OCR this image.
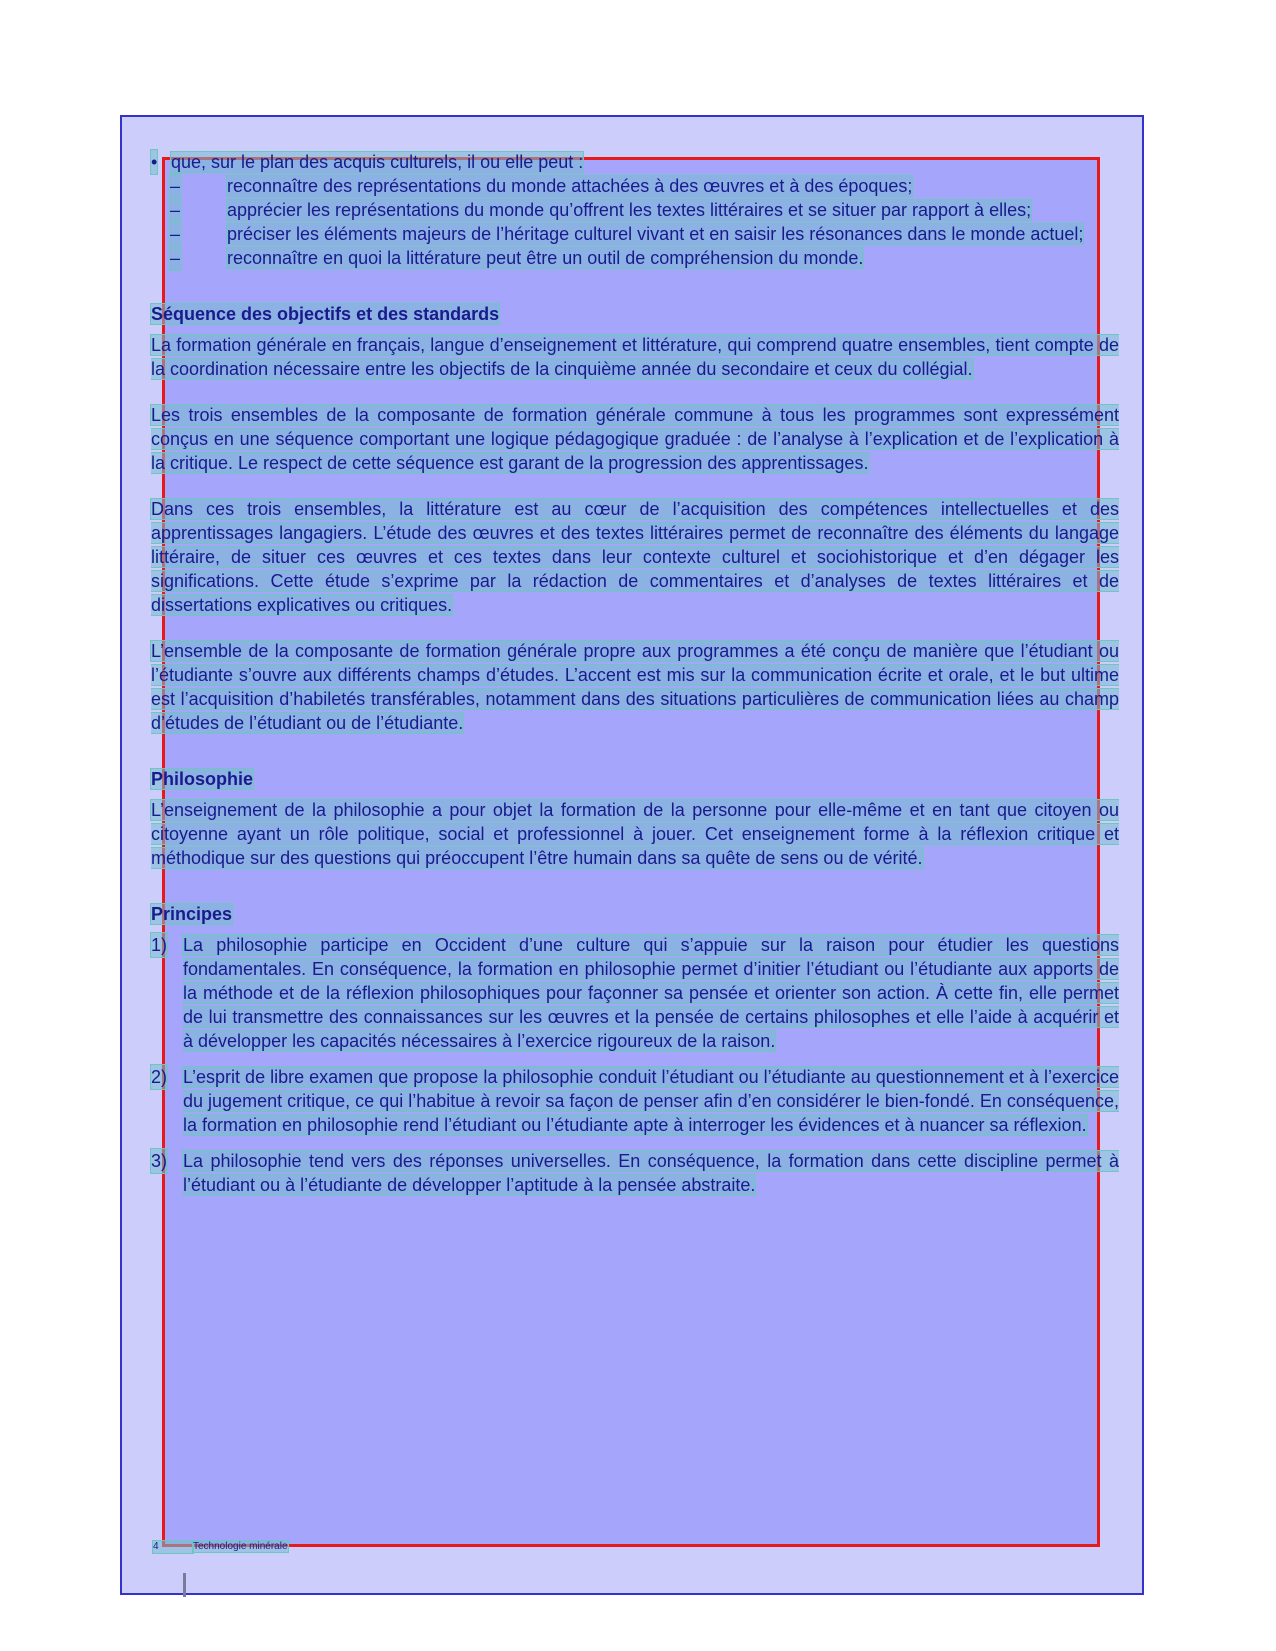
• que, sur le plan des acquis culturels, il ou elle peut :
–	reconnaître des représentations du monde attachées à des œuvres et à des époques;
–	apprécier les représentations du monde qu’offrent les textes littéraires et se situer par rapport à elles;
–	préciser les éléments majeurs de l’héritage culturel vivant et en saisir les résonances dans le monde actuel;
–	reconnaître en quoi la littérature peut être un outil de compréhension du monde.
Séquence des objectifs et des standards

La formation générale en français, langue d’enseignement et littérature, qui comprend quatre ensembles, tient compte de la coordination nécessaire entre les objectifs de la cinquième année du secondaire et ceux du collégial.

Les trois ensembles de la composante de formation générale commune à tous les programmes sont expressément conçus en une séquence comportant une logique pédagogique graduée : de l’analyse à l’explication et de l’explication à la critique. Le respect de cette séquence est garant de la progression des apprentissages.

Dans ces trois ensembles, la littérature est au cœur de l’acquisition des compétences intellectuelles et des apprentissages langagiers. L’étude des œuvres et des textes littéraires permet de reconnaître des éléments du langage littéraire, de situer ces œuvres et ces textes dans leur contexte culturel et sociohistorique et d’en dégager les significations. Cette étude s’exprime par la rédaction de commentaires et d’analyses de textes littéraires et de dissertations explicatives ou critiques.

L’ensemble de la composante de formation générale propre aux programmes a été conçu de manière que l’étudiant ou l’étudiante s’ouvre aux différents champs d’études. L’accent est mis sur la communication écrite et orale, et le but ultime est l’acquisition d’habiletés transférables, notamment dans des situations particulières de communication liées au champ d’études de l’étudiant ou de l’étudiante.

Philosophie

L’enseignement de la philosophie a pour objet la formation de la personne pour elle-même et en tant que citoyen ou citoyenne ayant un rôle politique, social et professionnel à jouer. Cet enseignement forme à la réflexion critique et méthodique sur des questions qui préoccupent l’être humain dans sa quête de sens ou de vérité.

Principes
1) La philosophie participe en Occident d’une culture qui s’appuie sur la raison pour étudier les questions fondamentales. En conséquence, la formation en philosophie permet d’initier l’étudiant ou l’étudiante aux apports de la méthode et de la réflexion philosophiques pour façonner sa pensée et orienter son action. À cette fin, elle permet de lui transmettre des connaissances sur les œuvres et la pensée de certains philosophes et elle l’aide à acquérir et à développer les capacités nécessaires à l’exercice rigoureux de la raison.
2) L’esprit de libre examen que propose la philosophie conduit l’étudiant ou l’étudiante au questionnement et à l’exercice du jugement critique, ce qui l’habitue à revoir sa façon de penser afin d’en considérer le bien-fondé. En conséquence, la formation en philosophie rend l’étudiant ou l’étudiante apte à interroger les évidences et à nuancer sa réflexion.
3) La philosophie tend vers des réponses universelles. En conséquence, la formation dans cette discipline permet à l’étudiant ou à l’étudiante de développer l’aptitude à la pensée abstraite.
4	Technologie minérale
